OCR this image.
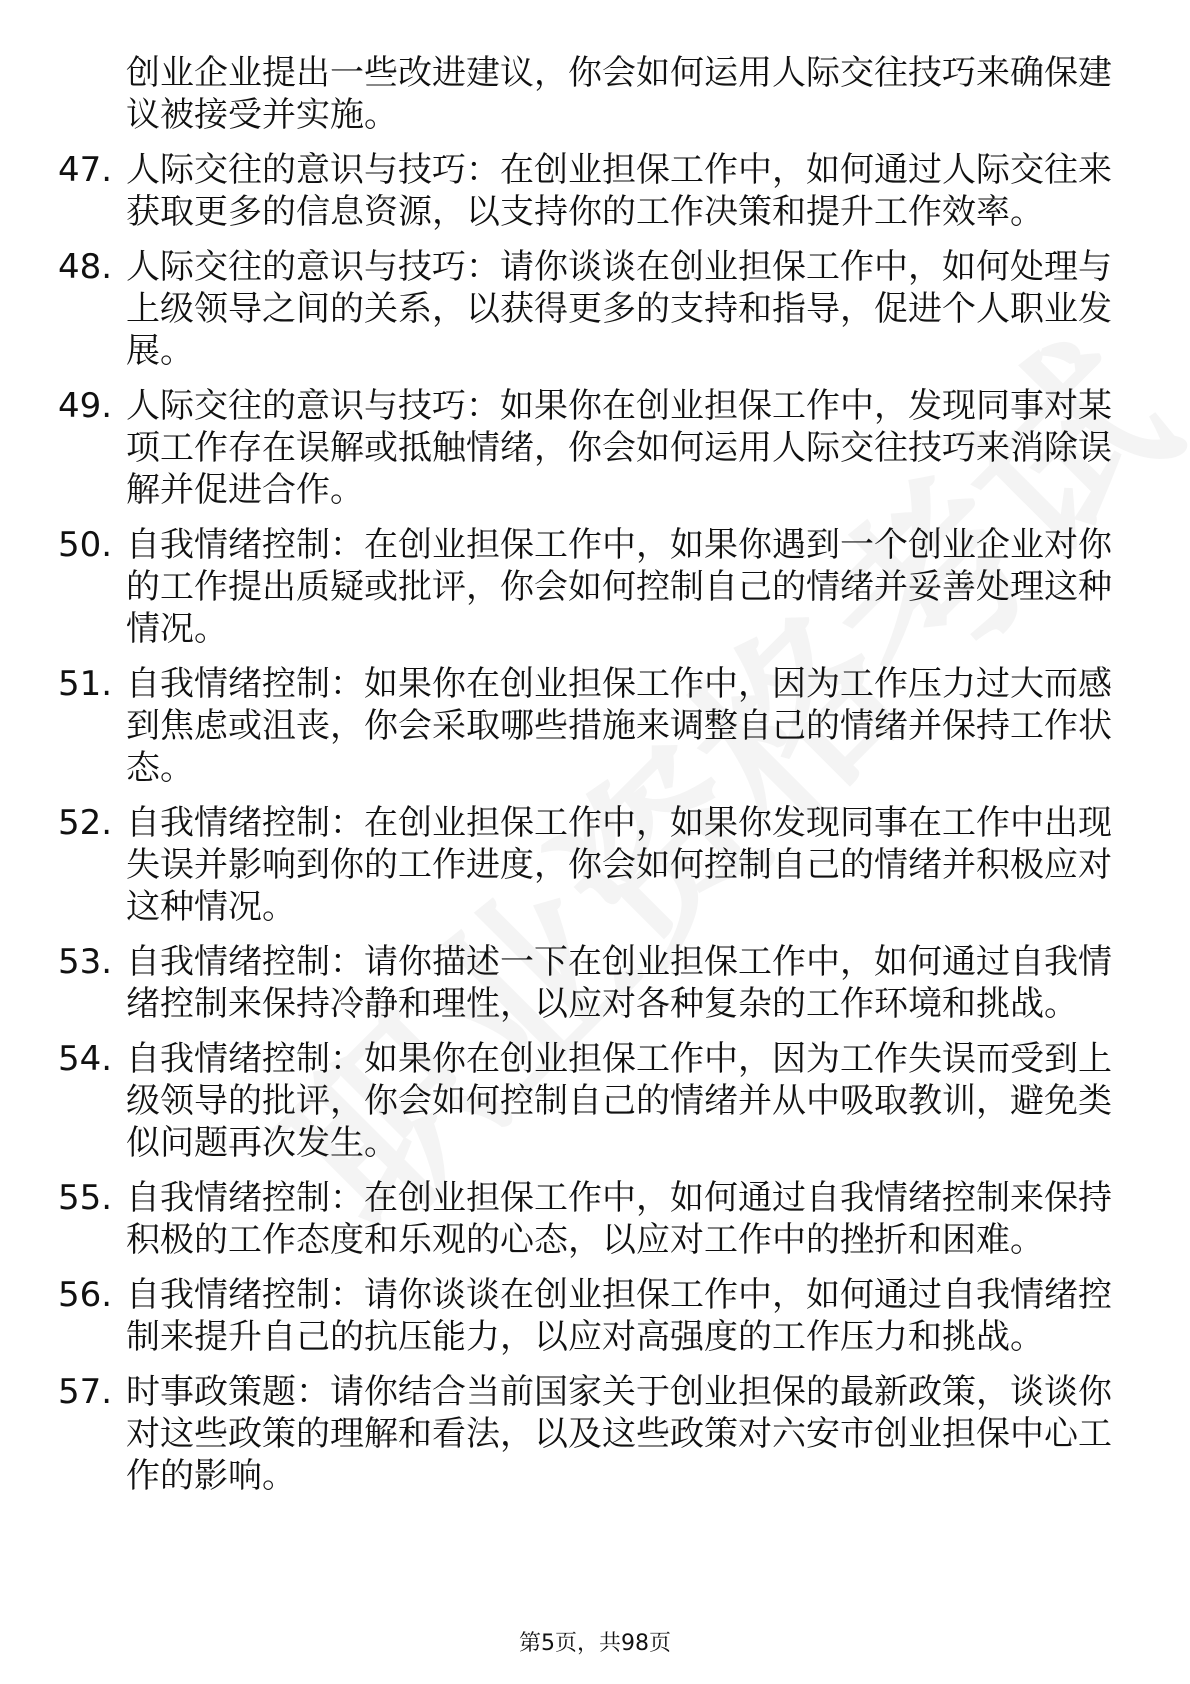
创业企业提出一些改进建议，你会如何运用人际交往技巧来确保建议被接受并实施。
47. 人际交往的意识与技巧：在创业担保工作中，如何通过人际交往来获取更多的信息资源，以支持你的工作决策和提升工作效率。
48. 人际交往的意识与技巧：请你谈谈在创业担保工作中，如何处理与上级领导之间的关系，以获得更多的支持和指导，促进个人职业发展。
49. 人际交往的意识与技巧：如果你在创业担保工作中，发现同事对某项工作存在误解或抵触情绪，你会如何运用人际交往技巧来消除误解并促进合作。
50. 自我情绪控制：在创业担保工作中，如果你遇到一个创业企业对你的工作提出质疑或批评，你会如何控制自己的情绪并妥善处理这种情况。
51. 自我情绪控制：如果你在创业担保工作中，因为工作压力过大而感到焦虑或沮丧，你会采取哪些措施来调整自己的情绪并保持工作状态。
52. 自我情绪控制：在创业担保工作中，如果你发现同事在工作中出现失误并影响到你的工作进度，你会如何控制自己的情绪并积极应对这种情况。
53. 自我情绪控制：请你描述一下在创业担保工作中，如何通过自我情绪控制来保持冷静和理性，以应对各种复杂的工作环境和挑战。
54. 自我情绪控制：如果你在创业担保工作中，因为工作失误而受到上级领导的批评，你会如何控制自己的情绪并从中吸取教训，避免类似问题再次发生。
55. 自我情绪控制：在创业担保工作中，如何通过自我情绪控制来保持积极的工作态度和乐观的心态，以应对工作中的挫折和困难。
56. 自我情绪控制：请你谈谈在创业担保工作中，如何通过自我情绪控制来提升自己的抗压能力，以应对高强度的工作压力和挑战。
57. 时事政策题：请你结合当前国家关于创业担保的最新政策，谈谈你对这些政策的理解和看法，以及这些政策对六安市创业担保中心工作的影响。
第5页，共98页
